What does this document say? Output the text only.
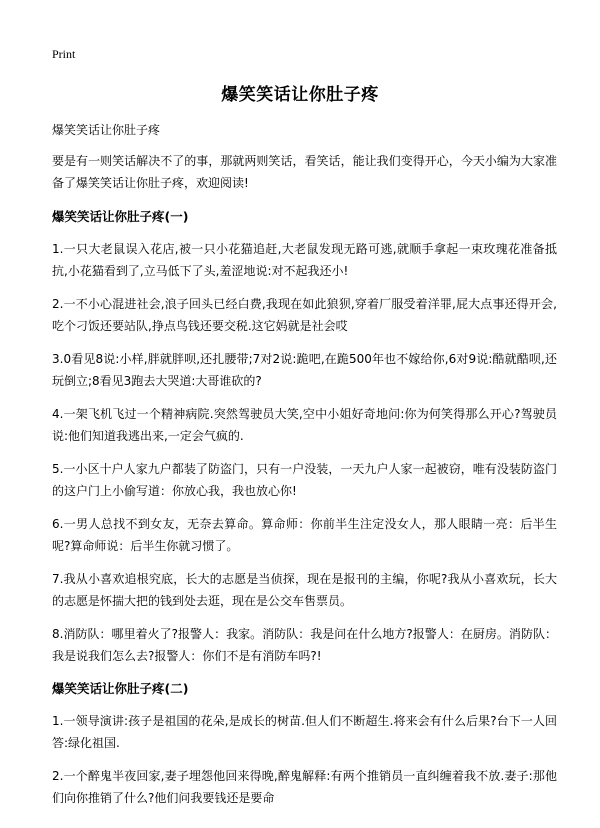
Print
爆笑笑话让你肚子疼

爆笑笑话让你肚子疼

要是有一则笑话解决不了的事，那就两则笑话，看笑话，能让我们变得开心，今天小编为大家准备了爆笑笑话让你肚子疼，欢迎阅读!

爆笑笑话让你肚子疼(一)

1.一只大老鼠误入花店,被一只小花猫追赶,大老鼠发现无路可逃,就顺手拿起一束玫瑰花准备抵抗,小花猫看到了,立马低下了头,羞涩地说:对不起我还小!

2.一不小心混进社会,浪子回头已经白费,我现在如此狼狈,穿着厂服受着洋罪,屁大点事还得开会,吃个刁饭还要站队,挣点鸟钱还要交税.这它妈就是社会哎

3.0看见8说:小样,胖就胖呗,还扎腰带;7对2说:跪吧,在跪500年也不嫁给你,6对9说:酷就酷呗,还玩倒立;8看见3跑去大哭道:大哥谁砍的?

4.一架飞机飞过一个精神病院.突然驾驶员大笑,空中小姐好奇地问:你为何笑得那么开心?驾驶员说:他们知道我逃出来,一定会气疯的.

5.一小区十户人家九户都装了防盗门，只有一户没装，一天九户人家一起被窃，唯有没装防盗门的这户门上小偷写道：你放心我，我也放心你!

6.一男人总找不到女友，无奈去算命。算命师：你前半生注定没女人，那人眼睛一亮：后半生呢?算命师说：后半生你就习惯了。

7.我从小喜欢追根究底，长大的志愿是当侦探，现在是报刊的主编，你呢?我从小喜欢玩，长大的志愿是怀揣大把的钱到处去逛，现在是公交车售票员。

8.消防队：哪里着火了?报警人：我家。消防队：我是问在什么地方?报警人：在厨房。消防队：我是说我们怎么去?报警人：你们不是有消防车吗?!

爆笑笑话让你肚子疼(二)

1.一领导演讲:孩子是祖国的花朵,是成长的树苗.但人们不断超生.将来会有什么后果?台下一人回答:绿化祖国.

2.一个醉鬼半夜回家,妻子埋怨他回来得晚,醉鬼解释:有两个推销员一直纠缠着我不放.妻子:那他们向你推销了什么?他们问我要钱还是要命
